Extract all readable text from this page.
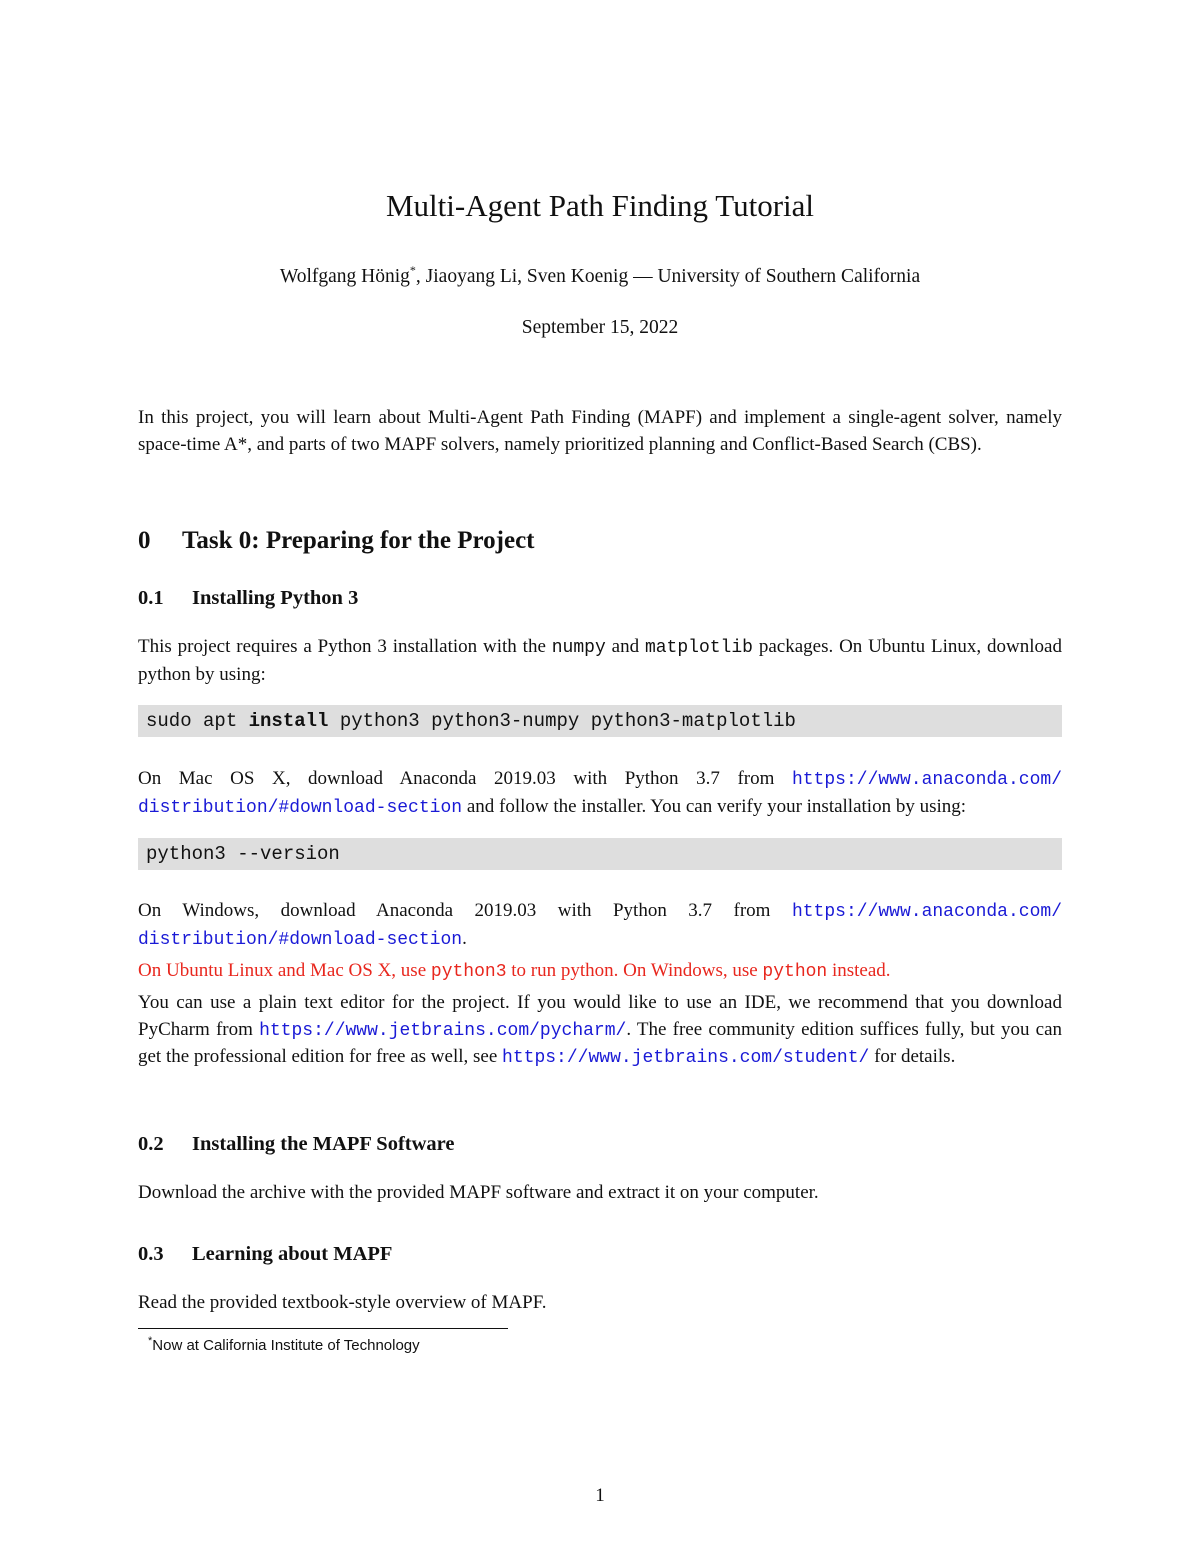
Multi-Agent Path Finding Tutorial
Wolfgang Hönig*, Jiaoyang Li, Sven Koenig — University of Southern California
September 15, 2022

In this project, you will learn about Multi-Agent Path Finding (MAPF) and implement a single-agent solver, namely space-time A*, and parts of two MAPF solvers, namely prioritized planning and Conflict-Based Search (CBS).

0 Task 0: Preparing for the Project
0.1 Installing Python 3

This project requires a Python 3 installation with the numpy and matplotlib packages. On Ubuntu Linux, download python by using:

sudo apt install python3 python3-numpy python3-matplotlib

On Mac OS X, download Anaconda 2019.03 with Python 3.7 from https://www.anaconda.com/ distribution/#download-section and follow the installer. You can verify your installation by using:

python3 --version

On Windows, download Anaconda 2019.03 with Python 3.7 from https://www.anaconda.com/ distribution/#download-section.

On Ubuntu Linux and Mac OS X, use python3 to run python. On Windows, use python instead.

You can use a plain text editor for the project. If you would like to use an IDE, we recommend that you download PyCharm from https://www.jetbrains.com/pycharm/. The free community edition suffices fully, but you can get the professional edition for free as well, see https://www.jetbrains.com/student/ for details.

0.2 Installing the MAPF Software

Download the archive with the provided MAPF software and extract it on your computer.

0.3 Learning about MAPF

Read the provided textbook-style overview of MAPF.

*Now at California Institute of Technology
1
